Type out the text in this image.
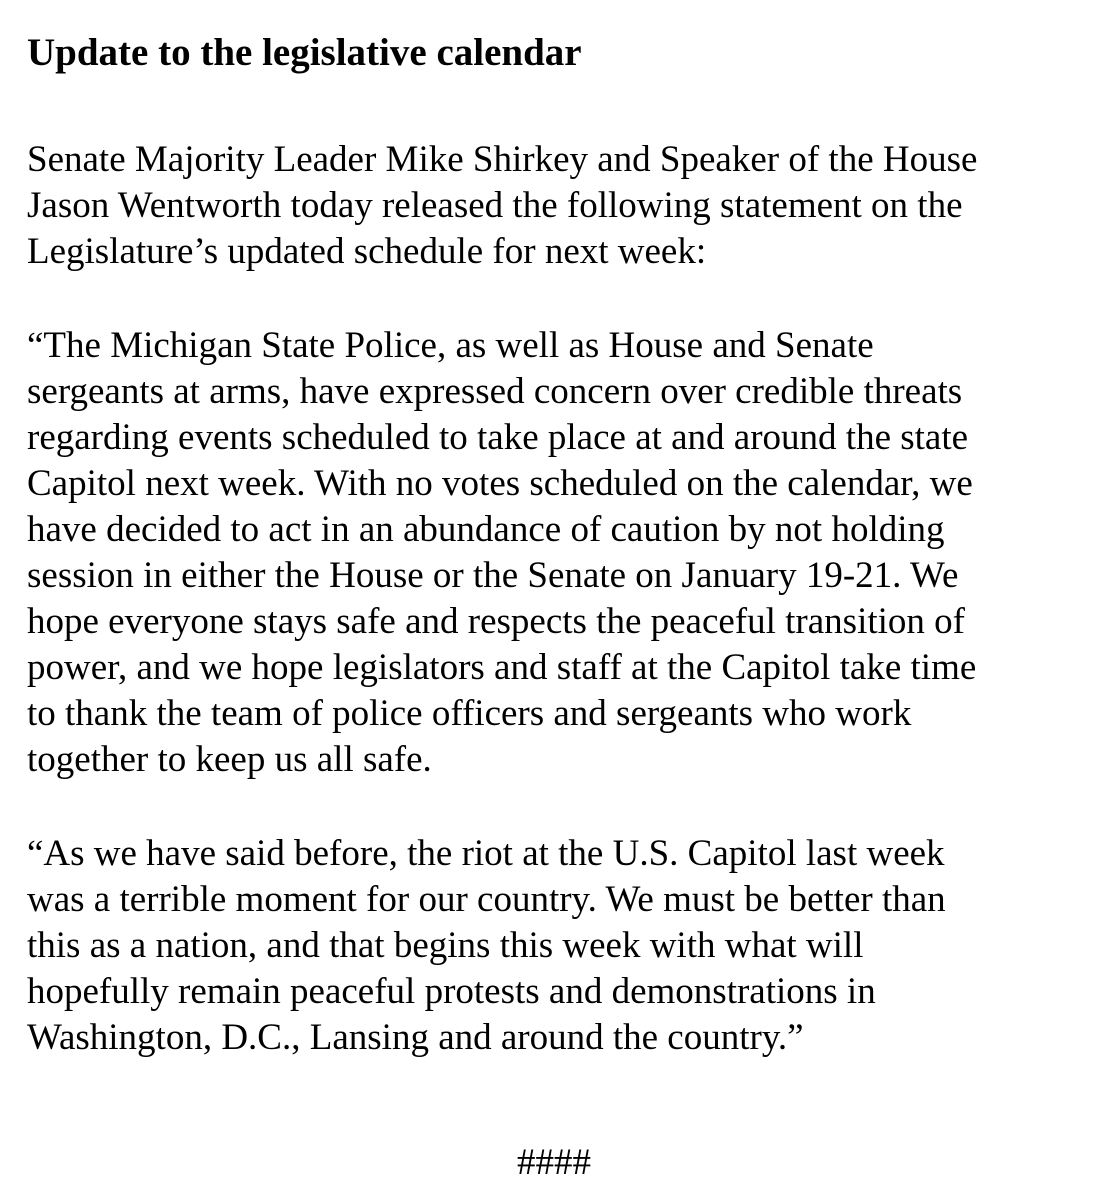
Update to the legislative calendar

Senate Majority Leader Mike Shirkey and Speaker of the House
Jason Wentworth today released the following statement on the
Legislature’s updated schedule for next week:

“The Michigan State Police, as well as House and Senate
sergeants at arms, have expressed concern over credible threats
regarding events scheduled to take place at and around the state
Capitol next week. With no votes scheduled on the calendar, we
have decided to act in an abundance of caution by not holding
session in either the House or the Senate on January 19-21. We
hope everyone stays safe and respects the peaceful transition of
power, and we hope legislators and staff at the Capitol take time
to thank the team of police officers and sergeants who work
together to keep us all safe.

“As we have said before, the riot at the U.S. Capitol last week
was a terrible moment for our country. We must be better than
this as a nation, and that begins this week with what will
hopefully remain peaceful protests and demonstrations in
Washington, D.C., Lansing and around the country.”

####
